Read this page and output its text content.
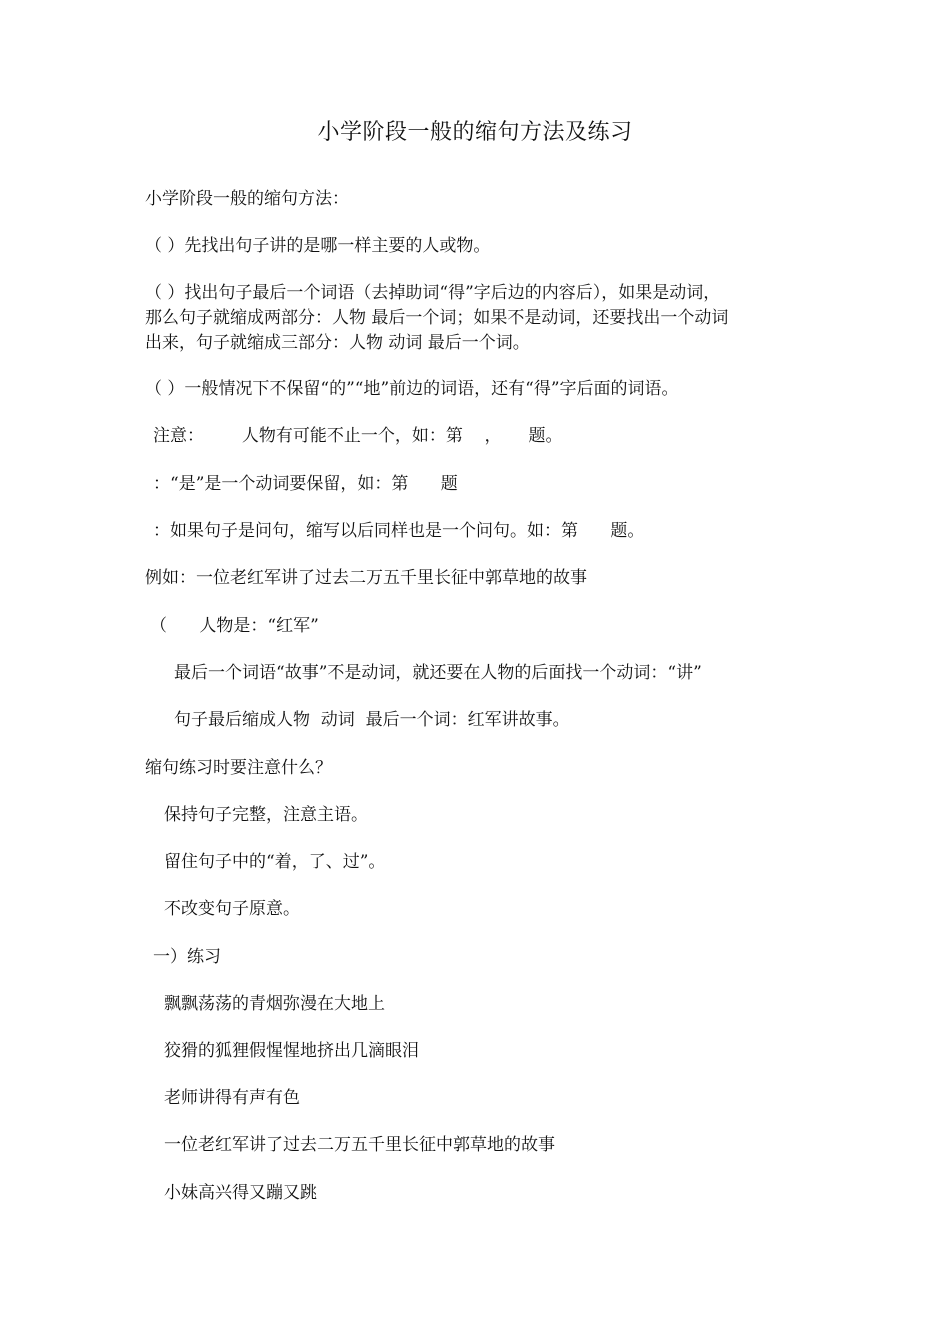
小学阶段一般的缩句方法及练习
小学阶段一般的缩句方法：
（ ）先找出句子讲的是哪一样主要的人或物。
（ ）找出句子最后一个词语（去掉助词“得”字后边的内容后），如果是动词，
那么句子就缩成两部分：人物 最后一个词；如果不是动词，还要找出一个动词
出来，句子就缩成三部分：人物 动词 最后一个词。
（ ）一般情况下不保留“的”“地”前边的词语，还有“得”字后面的词语。
注意：       人物有可能不止一个，如：第    ，     题。
：“是”是一个动词要保留，如：第      题
：如果句子是问句，缩写以后同样也是一个问句。如：第      题。
例如：一位老红军讲了过去二万五千里长征中郭草地的故事
（      人物是：“红军”
最后一个词语“故事”不是动词，就还要在人物的后面找一个动词：“讲”
句子最后缩成人物  动词  最后一个词：红军讲故事。
缩句练习时要注意什么？
保持句子完整，注意主语。
留住句子中的“着，了、过”。
不改变句子原意。
一）练习
飘飘荡荡的青烟弥漫在大地上
狡猾的狐狸假惺惺地挤出几滴眼泪
老师讲得有声有色
一位老红军讲了过去二万五千里长征中郭草地的故事
小妹高兴得又蹦又跳
